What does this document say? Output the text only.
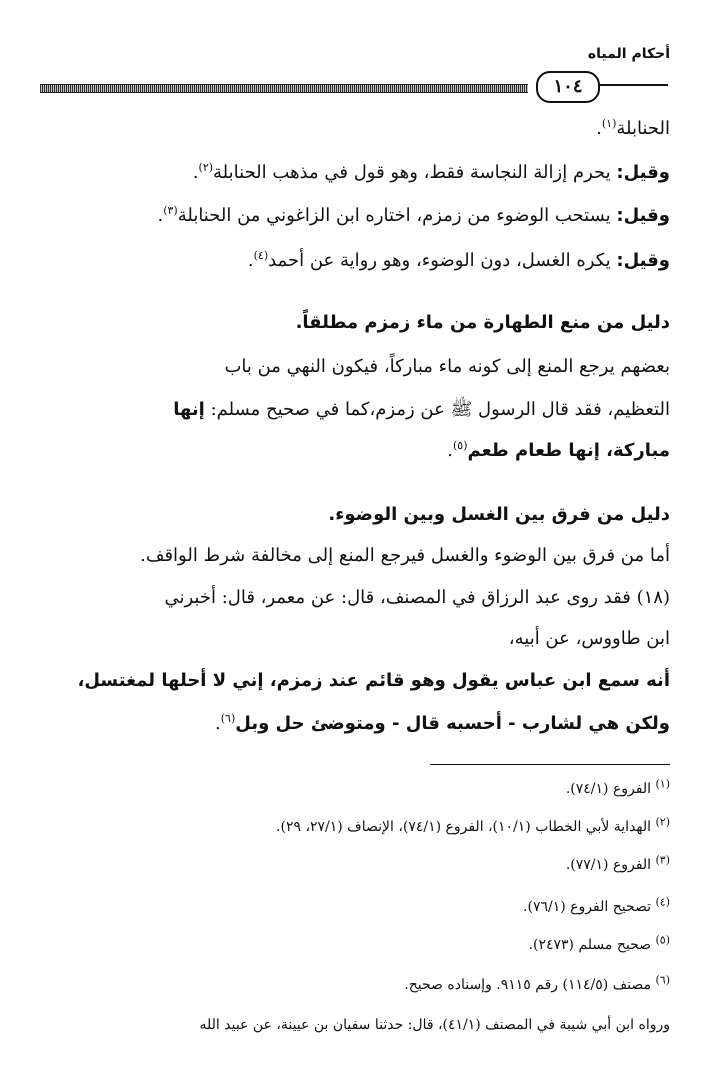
أحكام المياه
١٠٤
الحنابلة$^{(١)}$.
وقيل: يحرم إزالة النجاسة فقط، وهو قول في مذهب الحنابلة$^{(٢)}$.
وقيل: يستحب الوضوء من زمزم، اختاره ابن الزاغوني من الحنابلة$^{(٣)}$.
وقيل: يكره الغسل، دون الوضوء، وهو رواية عن أحمد$^{(٤)}$.
دليل من منع الطهارة من ماء زمزم مطلقاً.
بعضهم يرجع المنع إلى كونه ماء مباركاً، فيكون النهي من باب
التعظيم، فقد قال الرسول ﷺ عن زمزم،كما في صحيح مسلم: إنها
مباركة، إنها طعام طعم$^{(٥)}$.
دليل من فرق بين الغسل وبين الوضوء.
أما من فرق بين الوضوء والغسل فيرجع المنع إلى مخالفة شرط الواقف.
(١٨) فقد روى عبد الرزاق في المصنف، قال: عن معمر، قال: أخبرني
ابن طاووس، عن أبيه،
أنه سمع ابن عباس يقول وهو قائم عند زمزم، إني لا أحلها لمغتسل،
ولكن هي لشارب - أحسبه قال - ومتوضئ حل وبل$^{(٦)}$.
$^{(١)}$ الفروع (٧٤/١).
$^{(٢)}$ الهداية لأبي الخطاب (١٠/١)، الفروع (٧٤/١)، الإنصاف (٢٧/١، ٢٩).
$^{(٣)}$ الفروع (٧٧/١).
$^{(٤)}$ تصحيح الفروع (٧٦/١).
$^{(٥)}$ صحيح مسلم (٢٤٧٣).
$^{(٦)}$ مصنف (١١٤/٥) رقم ٩١١٥. وإسناده صحيح.
ورواه ابن أبي شيبة في المصنف (٤١/١)، قال: حدثنا سفيان بن عيينة، عن عبيد الله
